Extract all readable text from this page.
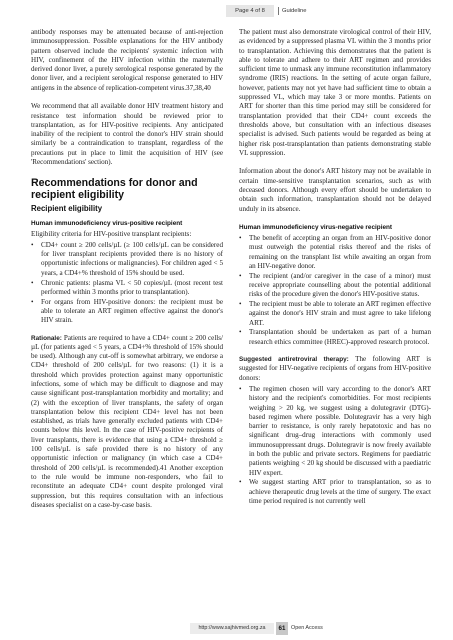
Page 4 of 8	Guideline

antibody responses may be attenuated because of anti-rejection immunosuppression. Possible explanations for the HIV antibody pattern observed include the recipients' systemic infection with HIV, confinement of the HIV infection within the maternally derived donor liver, a purely serological response generated by the donor liver, and a recipient serological response generated to HIV antigens in the absence of replication-competent virus.37,38,40

We recommend that all available donor HIV treatment history and resistance test information should be reviewed prior to transplantation, as for HIV-positive recipients. Any anticipated inability of the recipient to control the donor's HIV strain should similarly be a contraindication to transplant, regardless of the precautions put in place to limit the acquisition of HIV (see 'Recommendations' section).

Recommendations for donor and recipient eligibility
Recipient eligibility
Human immunodeficiency virus-positive recipient

Eligibility criteria for HIV-positive transplant recipients:

• CD4+ count ≥ 200 cells/µL (≥ 100 cells/µL can be considered for liver transplant recipients provided there is no history of opportunistic infections or malignancies). For children aged < 5 years, a CD4+% threshold of 15% should be used.
• Chronic patients: plasma VL < 50 copies/µL (most recent test performed within 3 months prior to transplantation).
• For organs from HIV-positive donors: the recipient must be able to tolerate an ART regimen effective against the donor's HIV strain.

Rationale: Patients are required to have a CD4+ count ≥ 200 cells/µL (for patients aged < 5 years, a CD4+% threshold of 15% should be used). Although any cut-off is somewhat arbitrary, we endorse a CD4+ threshold of 200 cells/µL for two reasons: (1) it is a threshold which provides protection against many opportunistic infections, some of which may be difficult to diagnose and may cause significant post-transplantation morbidity and mortality; and (2) with the exception of liver transplants, the safety of organ transplantation below this recipient CD4+ level has not been established, as trials have generally excluded patients with CD4+ counts below this level. In the case of HIV-positive recipients of liver transplants, there is evidence that using a CD4+ threshold ≥ 100 cells/µL is safe provided there is no history of any opportunistic infection or malignancy (in which case a CD4+ threshold of 200 cells/µL is recommended).41 Another exception to the rule would be immune non-responders, who fail to reconstitute an adequate CD4+ count despite prolonged viral suppression, but this requires consultation with an infectious diseases specialist on a case-by-case basis.

The patient must also demonstrate virological control of their HIV, as evidenced by a suppressed plasma VL within the 3 months prior to transplantation. Achieving this demonstrates that the patient is able to tolerate and adhere to their ART regimen and provides sufficient time to unmask any immune reconstitution inflammatory syndrome (IRIS) reactions. In the setting of acute organ failure, however, patients may not yet have had sufficient time to obtain a suppressed VL, which may take 3 or more months. Patients on ART for shorter than this time period may still be considered for transplantation provided that their CD4+ count exceeds the thresholds above, but consultation with an infectious diseases specialist is advised. Such patients would be regarded as being at higher risk post-transplantation than patients demonstrating stable VL suppression.

Information about the donor's ART history may not be available in certain time-sensitive transplantation scenarios, such as with deceased donors. Although every effort should be undertaken to obtain such information, transplantation should not be delayed unduly in its absence.

Human immunodeficiency virus-negative recipient
• The benefit of accepting an organ from an HIV-positive donor must outweigh the potential risks thereof and the risks of remaining on the transplant list while awaiting an organ from an HIV-negative donor.
• The recipient (and/or caregiver in the case of a minor) must receive appropriate counselling about the potential additional risks of the procedure given the donor's HIV-positive status.
• The recipient must be able to tolerate an ART regimen effective against the donor's HIV strain and must agree to take lifelong ART.
• Transplantation should be undertaken as part of a human research ethics committee (HREC)-approved research protocol.

Suggested antiretroviral therapy: The following ART is suggested for HIV-negative recipients of organs from HIV-positive donors:

• The regimen chosen will vary according to the donor's ART history and the recipient's comorbidities. For most recipients weighing > 20 kg, we suggest using a dolutegravir (DTG)-based regimen where possible. Dolutegravir has a very high barrier to resistance, is only rarely hepatotoxic and has no significant drug–drug interactions with commonly used immunosuppressant drugs. Dolutegravir is now freely available in both the public and private sectors. Regimens for paediatric patients weighing < 20 kg should be discussed with a paediatric HIV expert.
• We suggest starting ART prior to transplantation, so as to achieve therapeutic drug levels at the time of surgery. The exact time period required is not currently well
http://www.sajhivmed.org.za	61	Open Access
